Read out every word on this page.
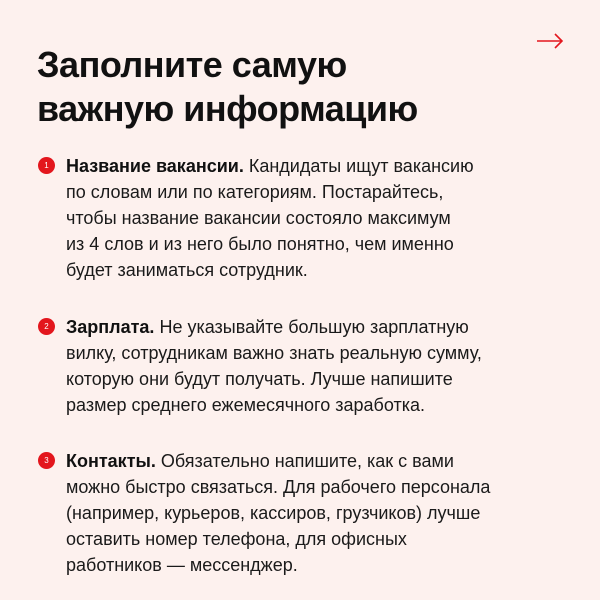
Заполните самую
важную информацию
1 Название вакансии. Кандидаты ищут вакансию
по словам или по категориям. Постарайтесь,
чтобы название вакансии состояло максимум
из 4 слов и из него было понятно, чем именно
будет заниматься сотрудник.

2 Зарплата. Не указывайте большую зарплатную
вилку, сотрудникам важно знать реальную сумму,
которую они будут получать. Лучше напишите
размер среднего ежемесячного заработка.

3 Контакты. Обязательно напишите, как с вами
можно быстро связаться. Для рабочего персонала
(например, курьеров, кассиров, грузчиков) лучше
оставить номер телефона, для офисных
работников — мессенджер.
